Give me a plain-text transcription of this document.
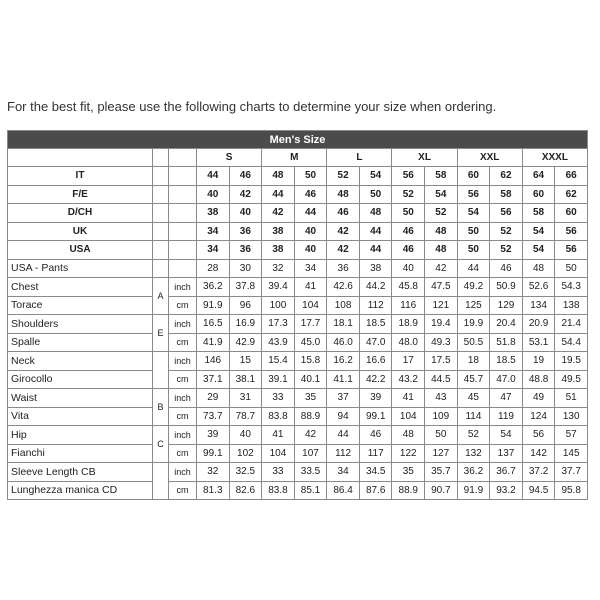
For the best fit, please use the following charts to determine your size when ordering.
Men's Size														
			S		M		L		XL		XXL		XXXL	
IT			44	46	48	50	52	54	56	58	60	62	64	66
F/E			40	42	44	46	48	50	52	54	56	58	60	62
D/CH			38	40	42	44	46	48	50	52	54	56	58	60
UK			34	36	38	40	42	44	46	48	50	52	54	56
USA			34	36	38	40	42	44	46	48	50	52	54	56
USA - Pants			28	30	32	34	36	38	40	42	44	46	48	50
Chest	A	inch	36.2	37.8	39.4	41	42.6	44.2	45.8	47.5	49.2	50.9	52.6	54.3
Torace		cm	91.9	96	100	104	108	112	116	121	125	129	134	138
Shoulders	E	inch	16.5	16.9	17.3	17.7	18.1	18.5	18.9	19.4	19.9	20.4	20.9	21.4
Spalle		cm	41.9	42.9	43.9	45.0	46.0	47.0	48.0	49.3	50.5	51.8	53.1	54.4
Neck		inch	146	15	15.4	15.8	16.2	16.6	17	17.5	18	18.5	19	19.5
Girocollo		cm	37.1	38.1	39.1	40.1	41.1	42.2	43.2	44.5	45.7	47.0	48.8	49.5
Waist	B	inch	29	31	33	35	37	39	41	43	45	47	49	51
Vita		cm	73.7	78.7	83.8	88.9	94	99.1	104	109	114	119	124	130
Hip	C	inch	39	40	41	42	44	46	48	50	52	54	56	57
Fianchi		cm	99.1	102	104	107	112	117	122	127	132	137	142	145
Sleeve Length CB		inch	32	32.5	33	33.5	34	34.5	35	35.7	36.2	36.7	37.2	37.7
Lunghezza manica CD		cm	81.3	82.6	83.8	85.1	86.4	87.6	88.9	90.7	91.9	93.2	94.5	95.8
